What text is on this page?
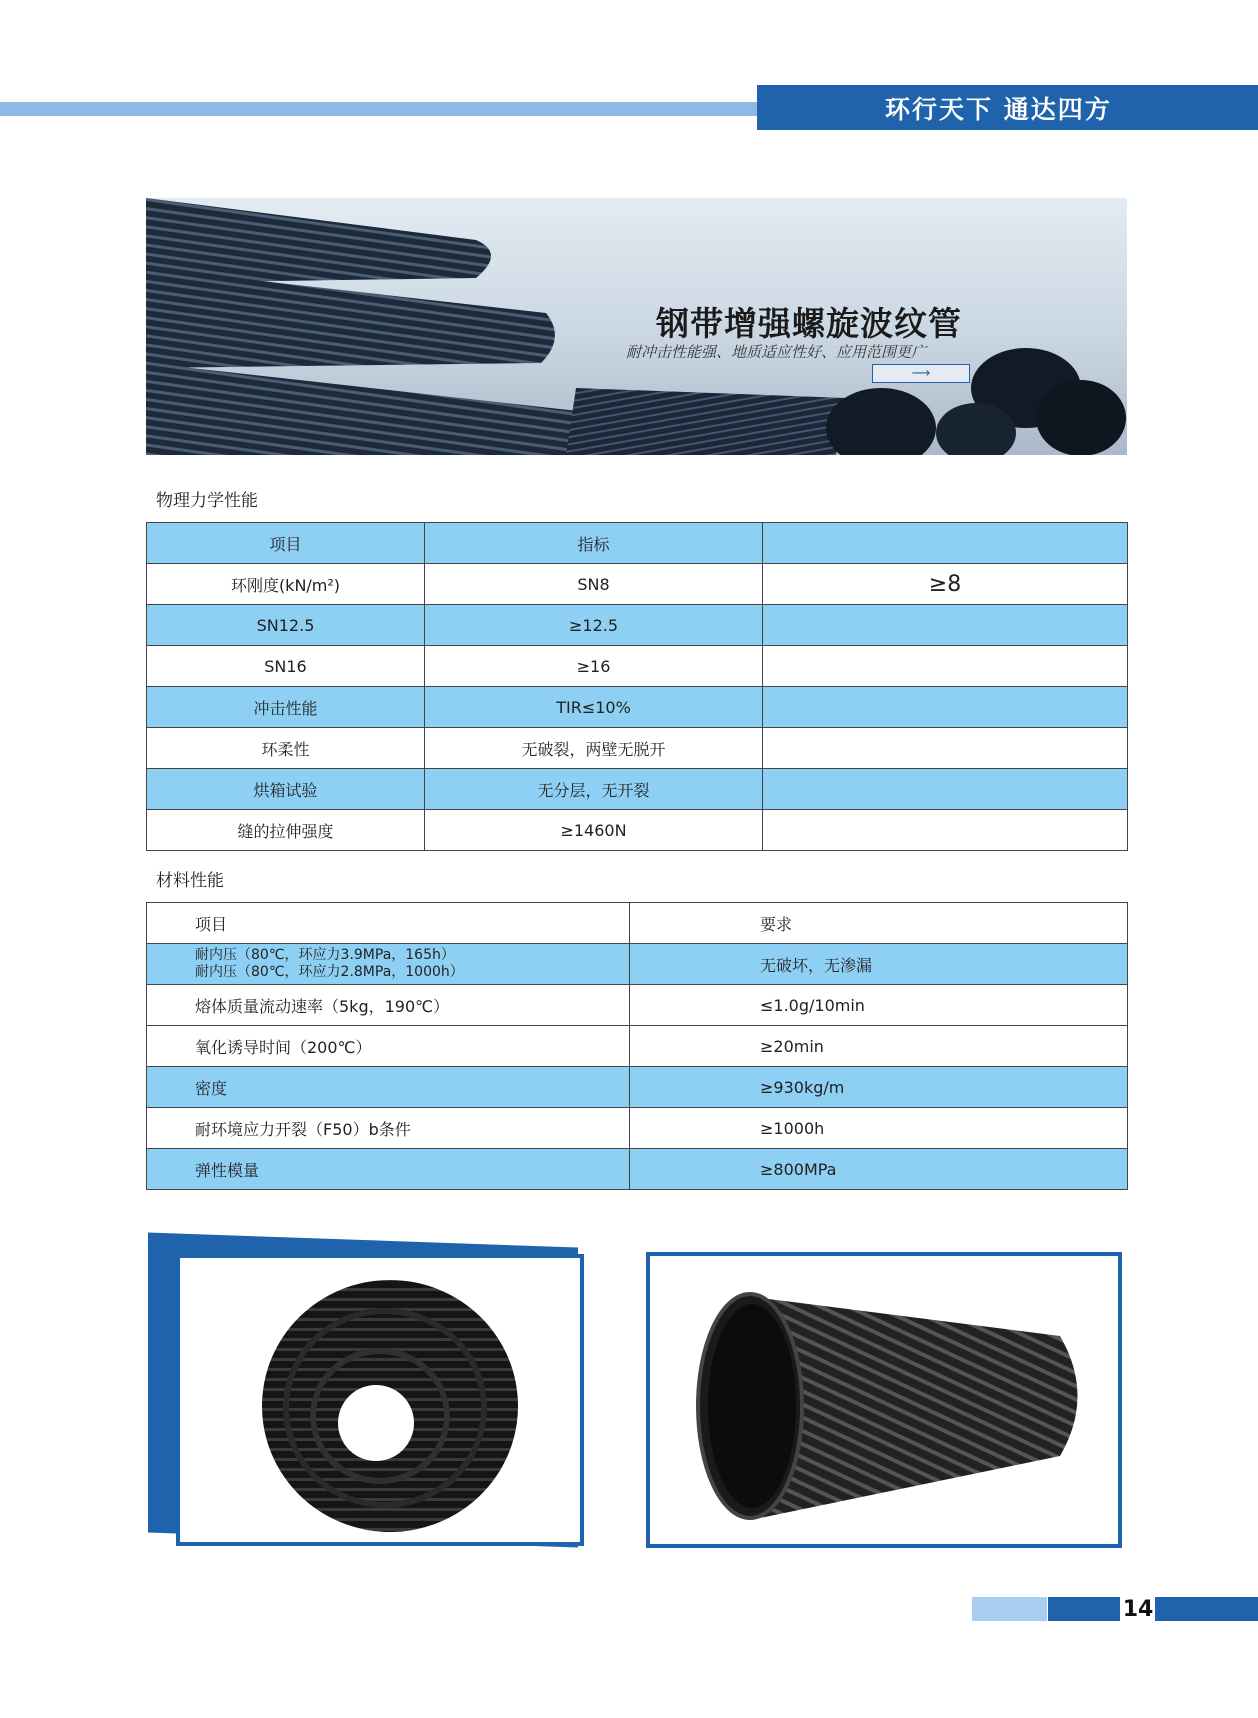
环行天下 通达四方
钢带增强螺旋波纹管
耐冲击性能强、地质适应性好、应用范围更广
⟶
物理力学性能
项目	指标	
环刚度(kN/m²)	SN8	≥8
SN12.5	≥12.5	
SN16	≥16	
冲击性能	TIR≤10%	
环柔性	无破裂，两壁无脱开	
烘箱试验	无分层，无开裂	
缝的拉伸强度	≥1460N	
材料性能
项目	要求

耐内压（80℃，环应力3.9MPa，165h）
耐内压（80℃，环应力2.8MPa，1000h）	无破坏，无渗漏
熔体质量流动速率（5kg，190℃）	≤1.0g/10min
氧化诱导时间（200℃）	≥20min
密度	≥930kg/m
耐环境应力开裂（F50）b条件	≥1000h
弹性模量	≥800MPa
14
